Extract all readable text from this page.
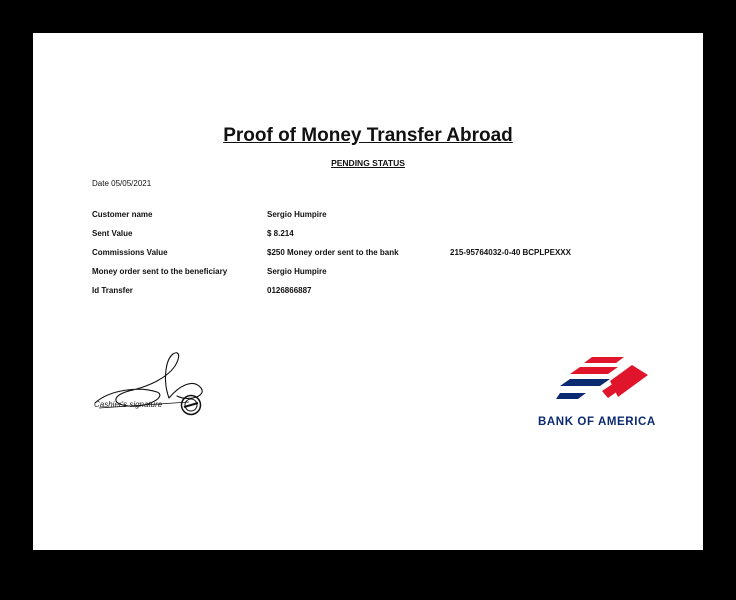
Proof of Money Transfer Abroad
PENDING STATUS
Date 05/05/2021
Customer name	Sergio Humpire
Sent Value	$ 8.214
Commissions Value	$250 Money order sent to the bank	215-95764032-0-40 BCPLPEXXX
Money order sent to the beneficiary	Sergio Humpire
Id Transfer	0126866887
Cashier's signature
BANK OF AMERICA
